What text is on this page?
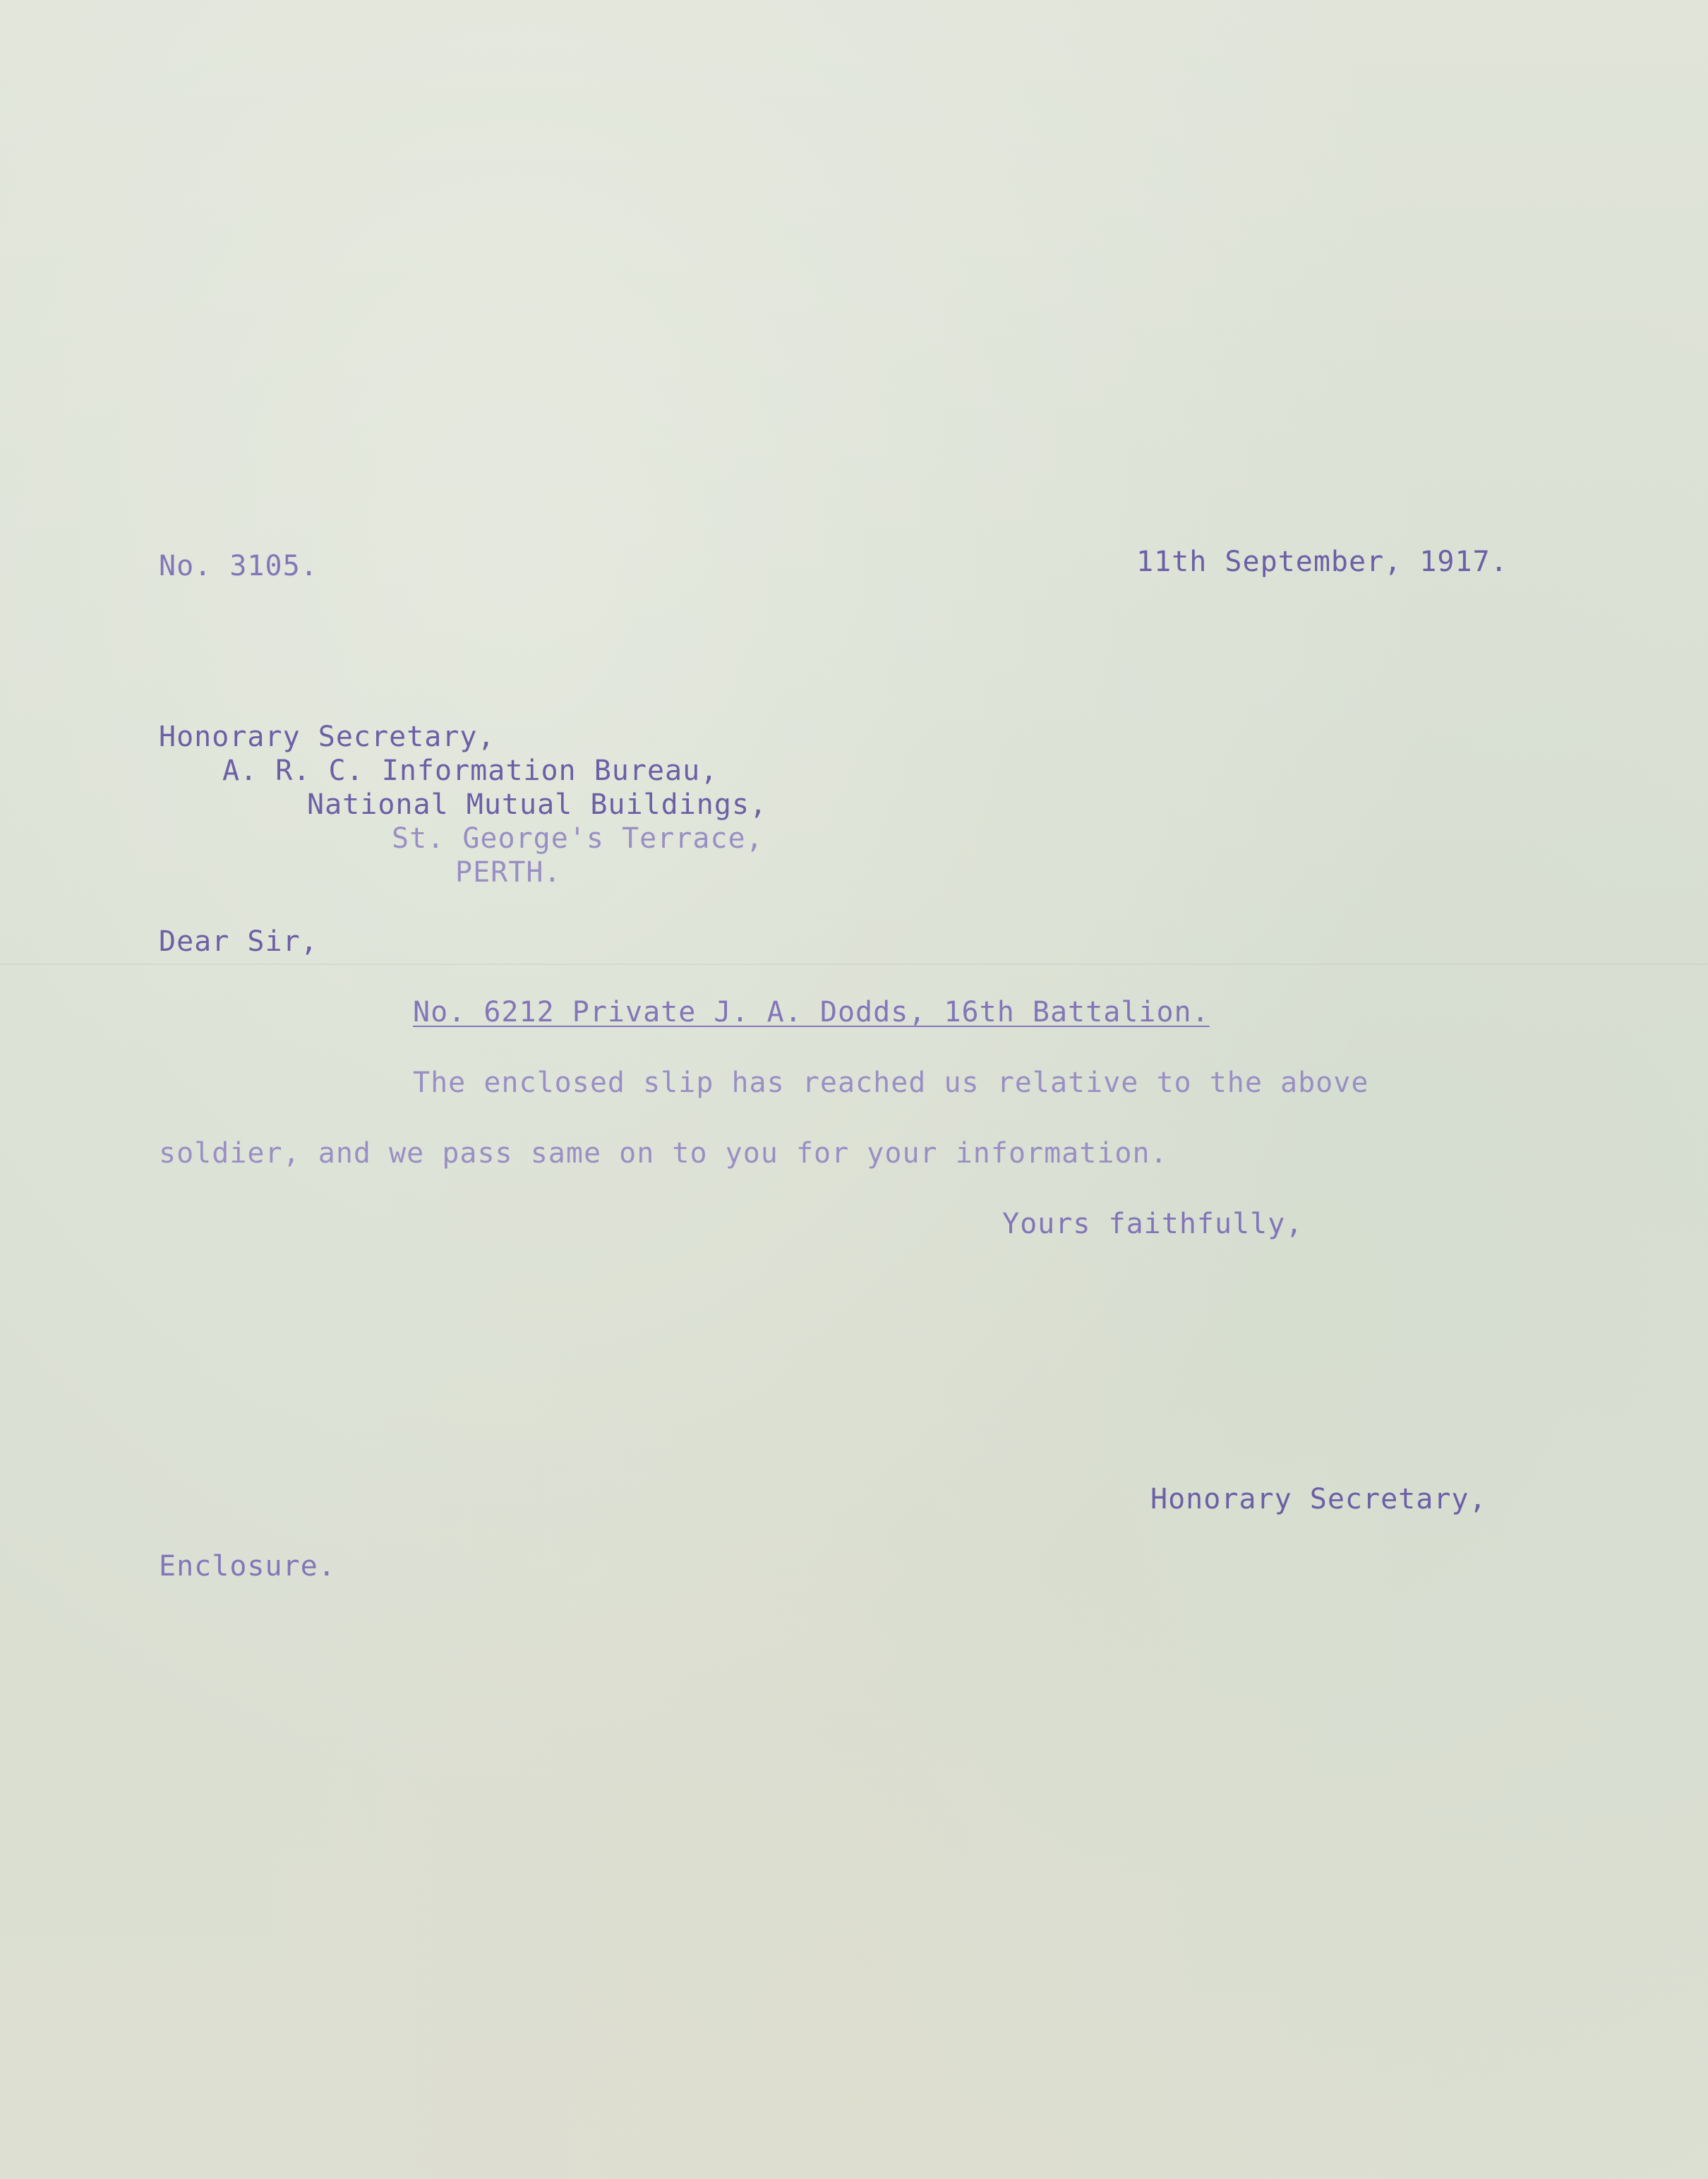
No. 3105.	11th September, 1917.
Honorary Secretary,
A. R. C. Information Bureau,
National Mutual Buildings,
St. George's Terrace,
PERTH.
Dear Sir,
No. 6212 Private J. A. Dodds, 16th Battalion.
The enclosed slip has reached us relative to the above
soldier, and we pass same on to you for your information.
Yours faithfully,
Honorary Secretary,
Enclosure.
